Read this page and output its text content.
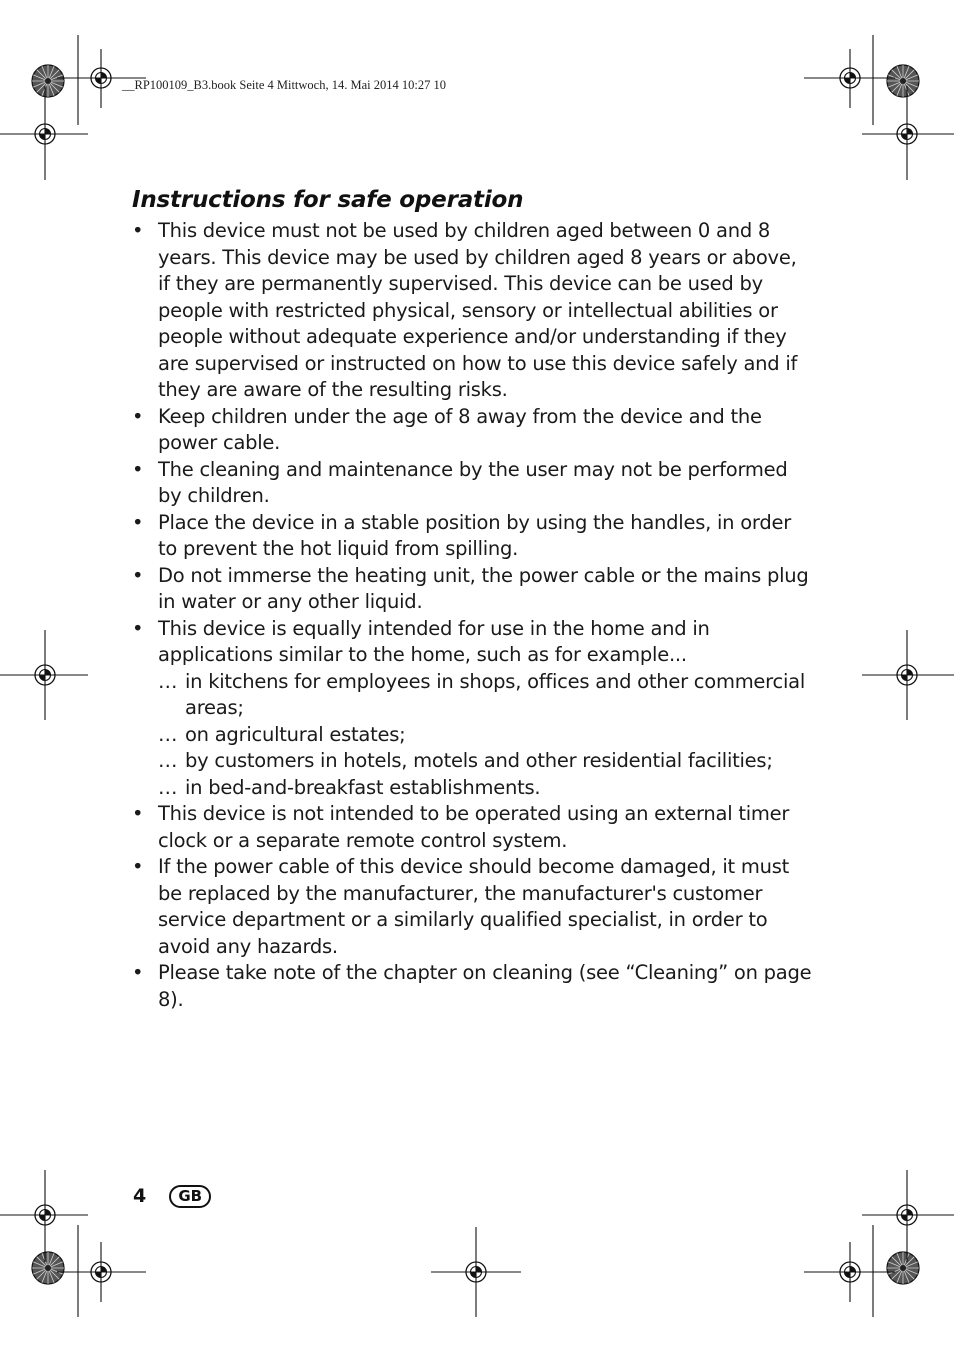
__RP100109_B3.book Seite 4 Mittwoch, 14. Mai 2014 10:27 10
Instructions for safe operation
• This device must not be used by children aged between 0 and 8 years. This device may be used by children aged 8 years or above, if they are permanently supervised. This device can be used by people with restricted physical, sensory or intellectual abilities or people without adequate experience and/or understanding if they are supervised or instructed on how to use this device safely and if they are aware of the resulting risks.
• Keep children under the age of 8 away from the device and the power cable.
• The cleaning and maintenance by the user may not be performed by children.
• Place the device in a stable position by using the handles, in order to prevent the hot liquid from spilling.
• Do not immerse the heating unit, the power cable or the mains plug in water or any other liquid.
• This device is equally intended for use in the home and in applications similar to the home, such as for example...
… in kitchens for employees in shops, offices and other commercial areas;
… on agricultural estates;
… by customers in hotels, motels and other residential facilities;
… in bed-and-breakfast establishments.
• This device is not intended to be operated using an external timer clock or a separate remote control system.
• If the power cable of this device should become damaged, it must be replaced by the manufacturer, the manufacturer's customer service department or a similarly qualified specialist, in order to avoid any hazards.
• Please take note of the chapter on cleaning (see “Cleaning” on page 8).
4	GB
